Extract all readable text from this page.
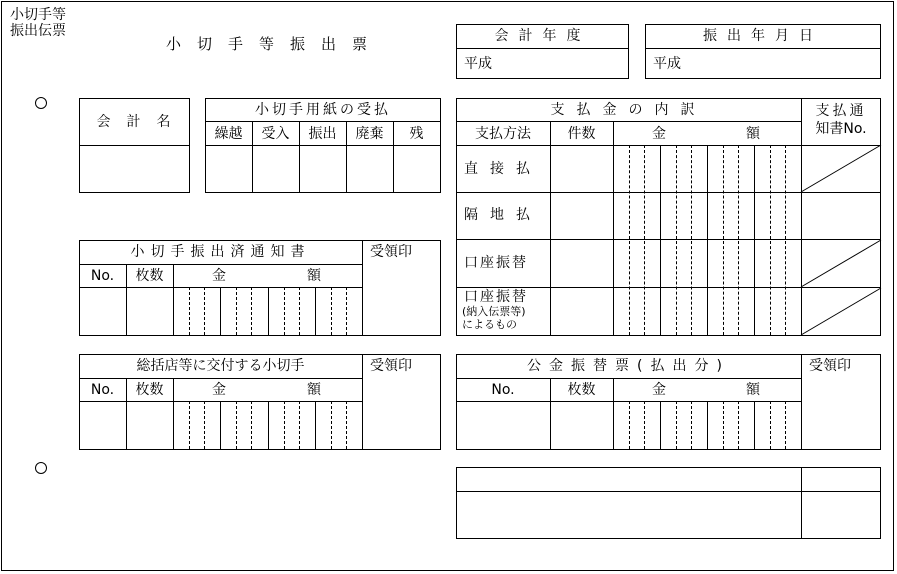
小切手等
振出伝票
小切手等振出票	会計年度
平成
振出年月日
平成
会計名
小切手用紙の受払
繰越	受入	振出	廃棄	残
支払金の内訳	支払通
知書No.
支払方法	件数	金	額
直接払
隔地払
口座振替
口座振替
(納入伝票等)
によるもの
小切手振出済通知書	受領印
No.	枚数	金	額
総括店等に交付する小切手	受領印
No.	枚数	金	額
公金振替票(払出分)	受領印
No.	枚数	金	額
